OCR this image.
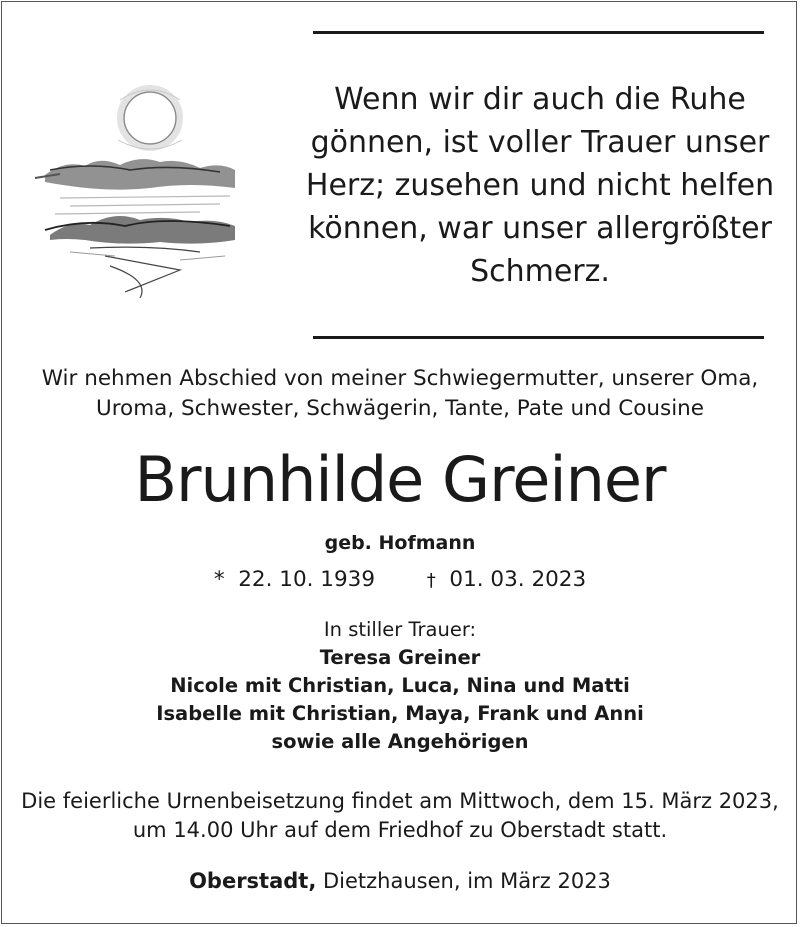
Wenn wir dir auch die Ruhe
gönnen, ist voller Trauer unser
Herz; zusehen und nicht helfen
können, war unser allergrößter
Schmerz.
Wir nehmen Abschied von meiner Schwiegermutter, unserer Oma,
Uroma, Schwester, Schwägerin, Tante, Pate und Cousine
Brunhilde Greiner
geb. Hofmann
* 22. 10. 1939	† 01. 03. 2023
In stiller Trauer:
Teresa Greiner
Nicole mit Christian, Luca, Nina und Matti
Isabelle mit Christian, Maya, Frank und Anni
sowie alle Angehörigen
Die feierliche Urnenbeisetzung findet am Mittwoch, dem 15. März 2023,
um 14.00 Uhr auf dem Friedhof zu Oberstadt statt.
Oberstadt, Dietzhausen, im März 2023
